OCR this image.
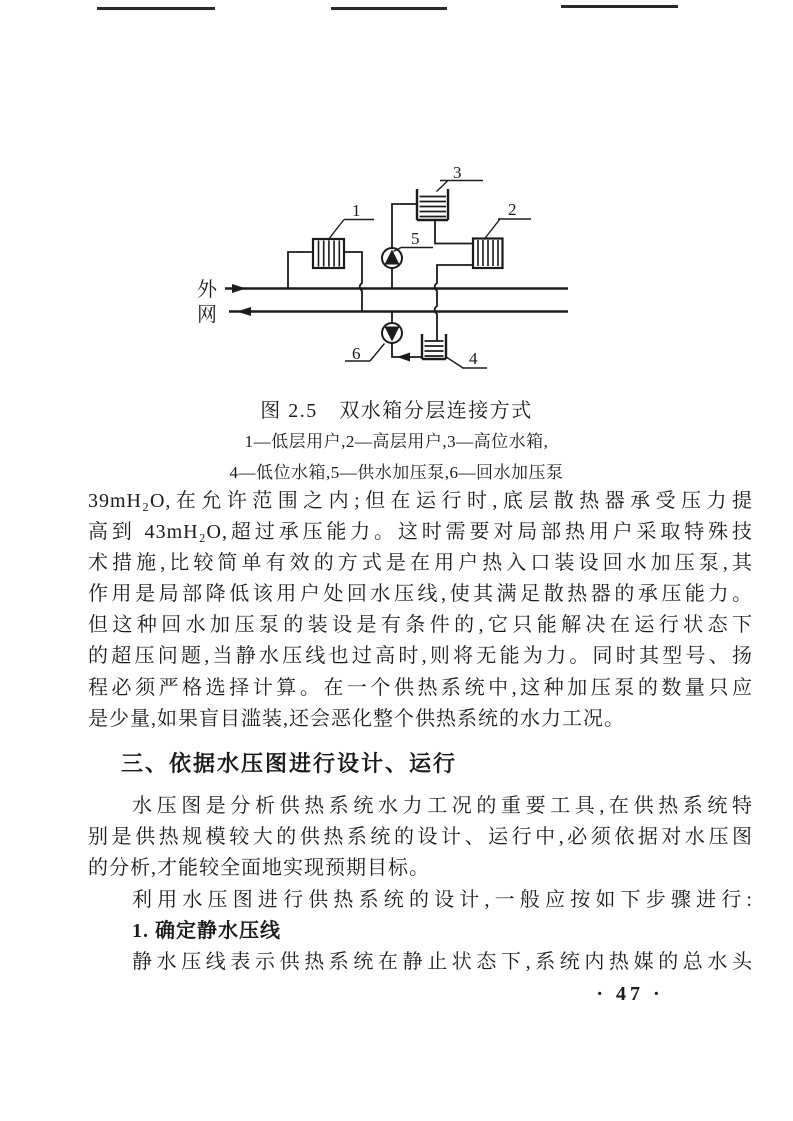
1	2
3
4
5
6
外
网
图 2.5　双水箱分层连接方式
1—低层用户,2—高层用户,3—高位水箱,
4—低位水箱,5—供水加压泵,6—回水加压泵
39mH₂O,在允许范围之内;但在运行时,底层散热器承受压力提
高到 43mH₂O,超过承压能力。这时需要对局部热用户采取特殊技
术措施,比较简单有效的方式是在用户热入口装设回水加压泵,其
作用是局部降低该用户处回水压线,使其满足散热器的承压能力。
但这种回水加压泵的装设是有条件的,它只能解决在运行状态下
的超压问题,当静水压线也过高时,则将无能为力。同时其型号、扬
程必须严格选择计算。在一个供热系统中,这种加压泵的数量只应
是少量,如果盲目滥装,还会恶化整个供热系统的水力工况。
三、依据水压图进行设计、运行
水压图是分析供热系统水力工况的重要工具,在供热系统特
别是供热规模较大的供热系统的设计、运行中,必须依据对水压图
的分析,才能较全面地实现预期目标。
利用水压图进行供热系统的设计,一般应按如下步骤进行:
1. 确定静水压线
静水压线表示供热系统在静止状态下,系统内热媒的总水头
· 47 ·
